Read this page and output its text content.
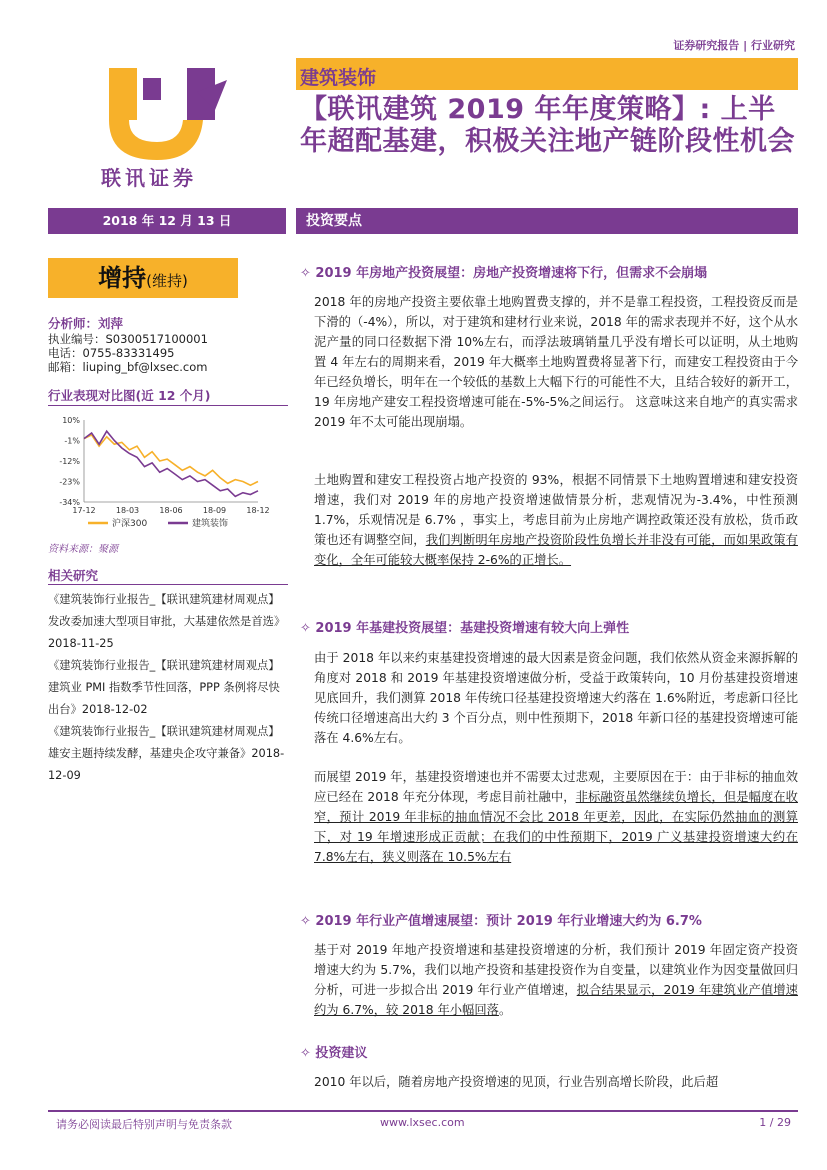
证券研究报告 | 行业研究
联讯证券
建筑装饰
【联讯建筑 2019 年年度策略】: 上半年超配基建，积极关注地产链阶段性机会
2018 年 12 月 13 日	投资要点
增持(维持)
分析师：刘萍
执业编号：S0300517100001
电话：0755-83331495
邮箱：liuping_bf@lxsec.com
行业表现对比图(近 12 个月)
10%
-1%
-12%
-23%
-34%
17-12	18-03	18-06	18-09	18-12
沪深300	建筑装饰
资料来源：聚源
相关研究
《建筑装饰行业报告_【联讯建筑建材周观点】发改委加速大型项目审批，大基建依然是首选》2018-11-25
《建筑装饰行业报告_【联讯建筑建材周观点】建筑业 PMI 指数季节性回落，PPP 条例将尽快出台》2018-12-02
《建筑装饰行业报告_【联讯建筑建材周观点】雄安主题持续发酵，基建央企攻守兼备》2018-12-09
✧ 2019 年房地产投资展望：房地产投资增速将下行，但需求不会崩塌
2018 年的房地产投资主要依靠土地购置费支撑的，并不是靠工程投资，工程投资反而是下滑的（-4%），所以，对于建筑和建材行业来说，2018 年的需求表现并不好，这个从水泥产量的同口径数据下滑 10%左右，而浮法玻璃销量几乎没有增长可以证明，从土地购置 4 年左右的周期来看，2019 年大概率土地购置费将显著下行，而建安工程投资由于今年已经负增长，明年在一个较低的基数上大幅下行的可能性不大，且结合较好的新开工，19 年房地产建安工程投资增速可能在-5%-5%之间运行。 这意味这来自地产的真实需求 2019 年不太可能出现崩塌。
土地购置和建安工程投资占地产投资的 93%，根据不同情景下土地购置增速和建安投资增速，我们对 2019 年的房地产投资增速做情景分析，悲观情况为-3.4%，中性预测 1.7%，乐观情况是 6.7% ，事实上，考虑目前为止房地产调控政策还没有放松，货币政策也还有调整空间，我们判断明年房地产投资阶段性负增长并非没有可能，而如果政策有变化，全年可能较大概率保持 2-6%的正增长。
✧ 2019 年基建投资展望：基建投资增速有较大向上弹性
由于 2018 年以来约束基建投资增速的最大因素是资金问题，我们依然从资金来源拆解的角度对 2018 和 2019 年基建投资增速做分析，受益于政策转向，10 月份基建投资增速见底回升，我们测算 2018 年传统口径基建投资增速大约落在 1.6%附近，考虑新口径比传统口径增速高出大约 3 个百分点，则中性预期下，2018 年新口径的基建投资增速可能落在 4.6%左右。
而展望 2019 年，基建投资增速也并不需要太过悲观，主要原因在于：由于非标的抽血效应已经在 2018 年充分体现，考虑目前社融中，非标融资虽然继续负增长，但是幅度在收窄，预计 2019 年非标的抽血情况不会比 2018 年更差，因此，在实际仍然抽血的测算下，对 19 年增速形成正贡献；在我们的中性预期下，2019 广义基建投资增速大约在 7.8%左右，狭义则落在 10.5%左右
✧ 2019 年行业产值增速展望：预计 2019 年行业增速大约为 6.7%
基于对 2019 年地产投资增速和基建投资增速的分析，我们预计 2019 年固定资产投资增速大约为 5.7%，我们以地产投资和基建投资作为自变量，以建筑业作为因变量做回归分析，可进一步拟合出 2019 年行业产值增速，拟合结果显示，2019 年建筑业产值增速约为 6.7%，较 2018 年小幅回落。
✧ 投资建议
2010 年以后，随着房地产投资增速的见顶，行业告别高增长阶段，此后超
请务必阅读最后特别声明与免责条款	www.lxsec.com	1 / 29
